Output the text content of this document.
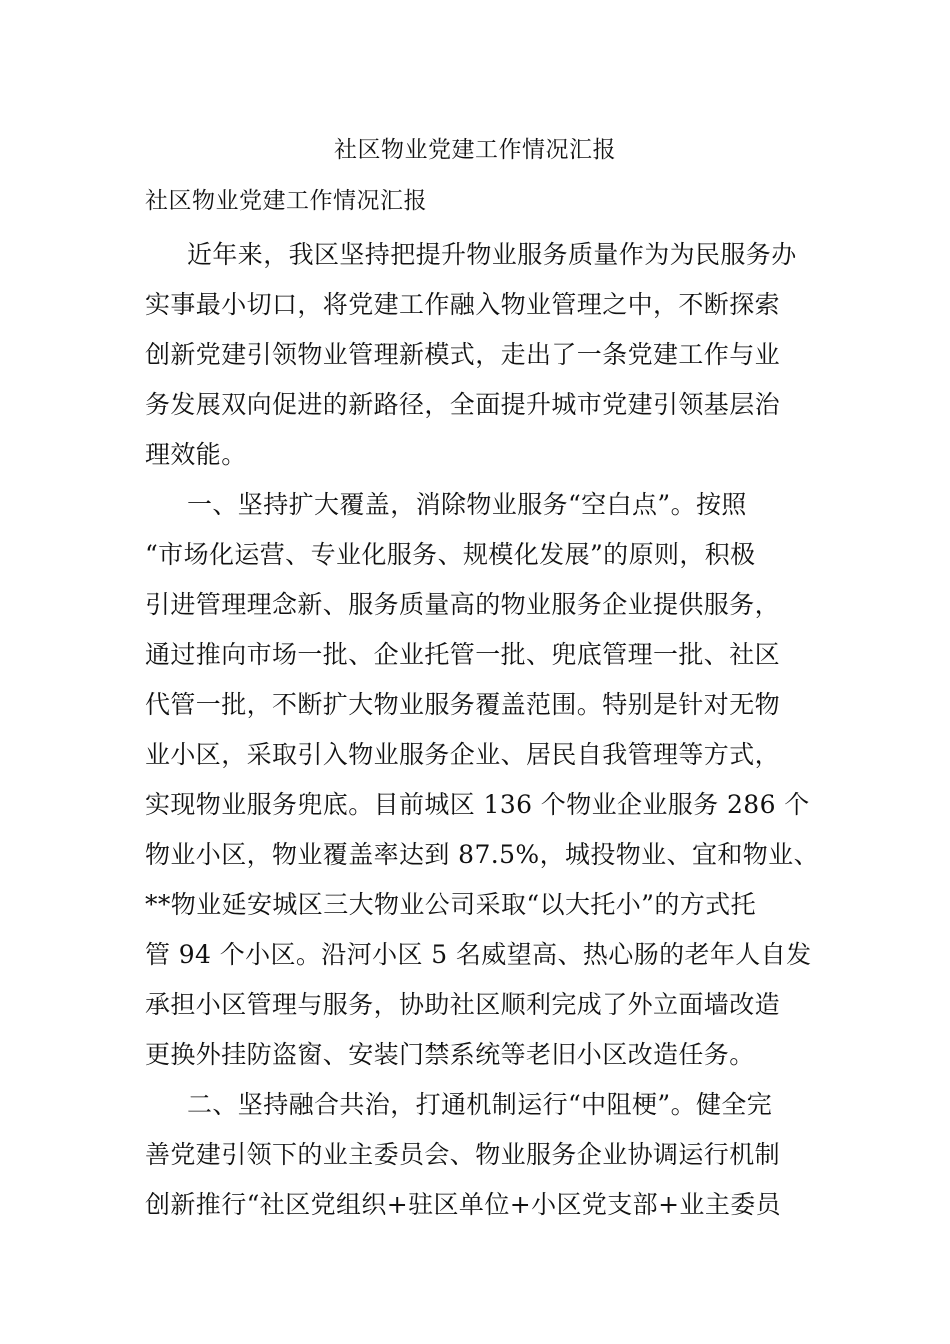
社区物业党建工作情况汇报
社区物业党建工作情况汇报
近年来，我区坚持把提升物业服务质量作为为民服务办
实事最小切口，将党建工作融入物业管理之中，不断探索
创新党建引领物业管理新模式，走出了一条党建工作与业
务发展双向促进的新路径，全面提升城市党建引领基层治
理效能。
一、坚持扩大覆盖，消除物业服务“空白点”。按照
“市场化运营、专业化服务、规模化发展”的原则，积极
引进管理理念新、服务质量高的物业服务企业提供服务，
通过推向市场一批、企业托管一批、兜底管理一批、社区
代管一批，不断扩大物业服务覆盖范围。特别是针对无物
业小区，采取引入物业服务企业、居民自我管理等方式，
实现物业服务兜底。目前城区 136 个物业企业服务 286 个
物业小区，物业覆盖率达到 87.5%，城投物业、宜和物业、
**物业延安城区三大物业公司采取“以大托小”的方式托
管 94 个小区。沿河小区 5 名威望高、热心肠的老年人自发
承担小区管理与服务，协助社区顺利完成了外立面墙改造
更换外挂防盗窗、安装门禁系统等老旧小区改造任务。
二、坚持融合共治，打通机制运行“中阻梗”。健全完
善党建引领下的业主委员会、物业服务企业协调运行机制
创新推行“社区党组织+驻区单位+小区党支部+业主委员
